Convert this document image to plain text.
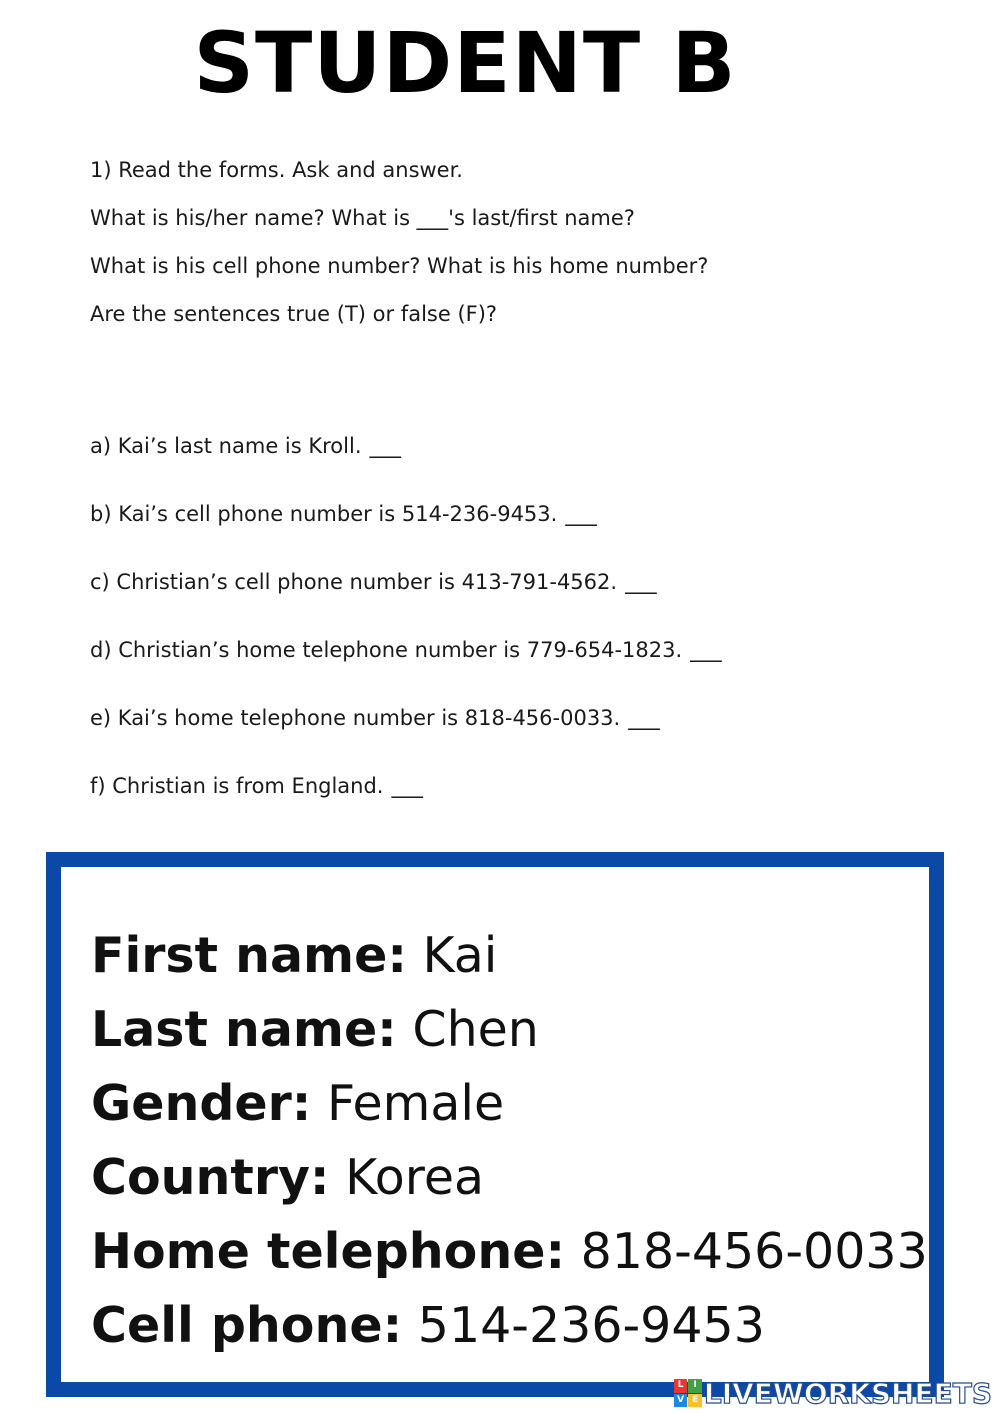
STUDENT B
1) Read the forms. Ask and answer.
What is his/her name? What is ___'s last/first name?
What is his cell phone number? What is his home number?
Are the sentences true (T) or false (F)?
a) Kai’s last name is Kroll. ___
b) Kai’s cell phone number is 514-236-9453. ___
c) Christian’s cell phone number is 413-791-4562. ___
d) Christian’s home telephone number is 779-654-1823. ___
e) Kai’s home telephone number is 818-456-0033. ___
f) Christian is from England. ___
First name: Kai
Last name: Chen
Gender: Female
Country: Korea
Home telephone: 818-456-0033
Cell phone: 514-236-9453
L	I
V E LIVEWORKSHEETS
